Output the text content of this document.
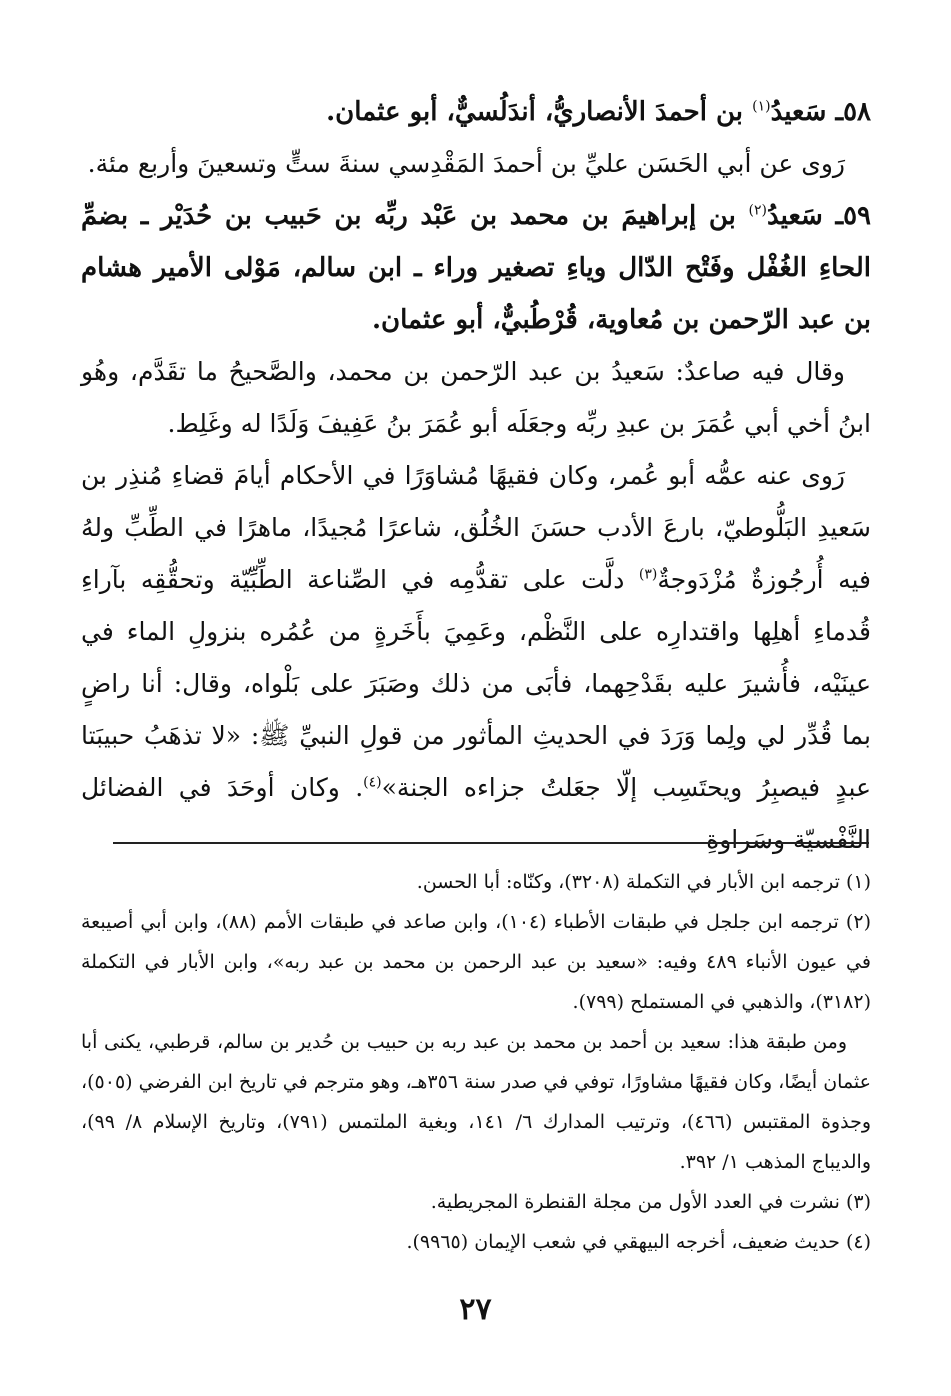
٥٨ـ سَعيدُ$^{(١)}$ بن أحمدَ الأنصاريُّ، أندَلُسيٌّ، أبو عثمان.

رَوى عن أبي الحَسَن عليِّ بن أحمدَ المَقْدِسي سنةَ ستٍّ وتسعينَ وأربع مئة.

٥٩ـ سَعيدُ$^{(٢)}$ بن إبراهيمَ بن محمد بن عَبْد ربِّه بن حَبيب بن حُدَيْر ـ بضمِّ الحاءِ الغُفْل وفَتْح الدّال وياءِ تصغير وراء ـ ابن سالم، مَوْلى الأمير هشام بن عبد الرّحمن بن مُعاوية، قُرْطُبيٌّ، أبو عثمان.

وقال فيه صاعدٌ: سَعيدُ بن عبد الرّحمن بن محمد، والصَّحيحُ ما تقَدَّم، وهُو ابنُ أخي أبي عُمَرَ بن عبدِ ربِّه وجعَلَه أبو عُمَرَ بنُ عَفِيفَ وَلَدًا له وغَلِط.

رَوى عنه عمُّه أبو عُمر، وكان فقيهًا مُشاوَرًا في الأحكام أيامَ قضاءِ مُنذِر بن سَعيدِ البَلُّوطيّ، بارعَ الأدب حسَنَ الخُلُق، شاعرًا مُجيدًا، ماهرًا في الطِّبِّ ولهُ فيه أُرجُوزةٌ مُزْدَوجةٌ$^{(٣)}$ دلَّت على تقدُّمِه في الصِّناعة الطِّبِّيّة وتحقُّقِه بآراءِ قُدماءِ أهلِها واقتدارِه على النَّظْم، وعَمِيَ بأَخَرةٍ من عُمُره بنزولِ الماء في عينَيْه، فأُشيرَ عليه بقَدْحِهما، فأبَى من ذلك وصَبَرَ على بَلْواه، وقال: أنا راضٍ بما قُدِّر لي ولِما وَرَدَ في الحديثِ المأثور من قولِ النبيِّ ﷺ: «لا تذهَبُ حبيبَتا عبدٍ فيصبِرُ ويحتَسِب إلّا جعَلتُ جزاءه الجنة»$^{(٤)}$. وكان أوحَدَ في الفضائل النَّفْسيّة وسَراوةِ

(١) ترجمه ابن الأبار في التكملة (٣٢٠٨)، وكنّاه: أبا الحسن.

(٢) ترجمه ابن جلجل في طبقات الأطباء (١٠٤)، وابن صاعد في طبقات الأمم (٨٨)، وابن أبي أصيبعة في عيون الأنباء ٤٨٩ وفيه: «سعيد بن عبد الرحمن بن محمد بن عبد ربه»، وابن الأبار في التكملة (٣١٨٢)، والذهبي في المستملح (٧٩٩).

ومن طبقة هذا: سعيد بن أحمد بن محمد بن عبد ربه بن حبيب بن حُدير بن سالم، قرطبي، يكنى أبا عثمان أيضًا، وكان فقيهًا مشاورًا، توفي في صدر سنة ٣٥٦هـ، وهو مترجم في تاريخ ابن الفرضي (٥٠٥)، وجذوة المقتبس (٤٦٦)، وترتيب المدارك ٦/ ١٤١، وبغية الملتمس (٧٩١)، وتاريخ الإسلام ٨/ ٩٩)، والديباج المذهب ١/ ٣٩٢.

(٣) نشرت في العدد الأول من مجلة القنطرة المجريطية.

(٤) حديث ضعيف، أخرجه البيهقي في شعب الإيمان (٩٩٦٥).

٢٧
